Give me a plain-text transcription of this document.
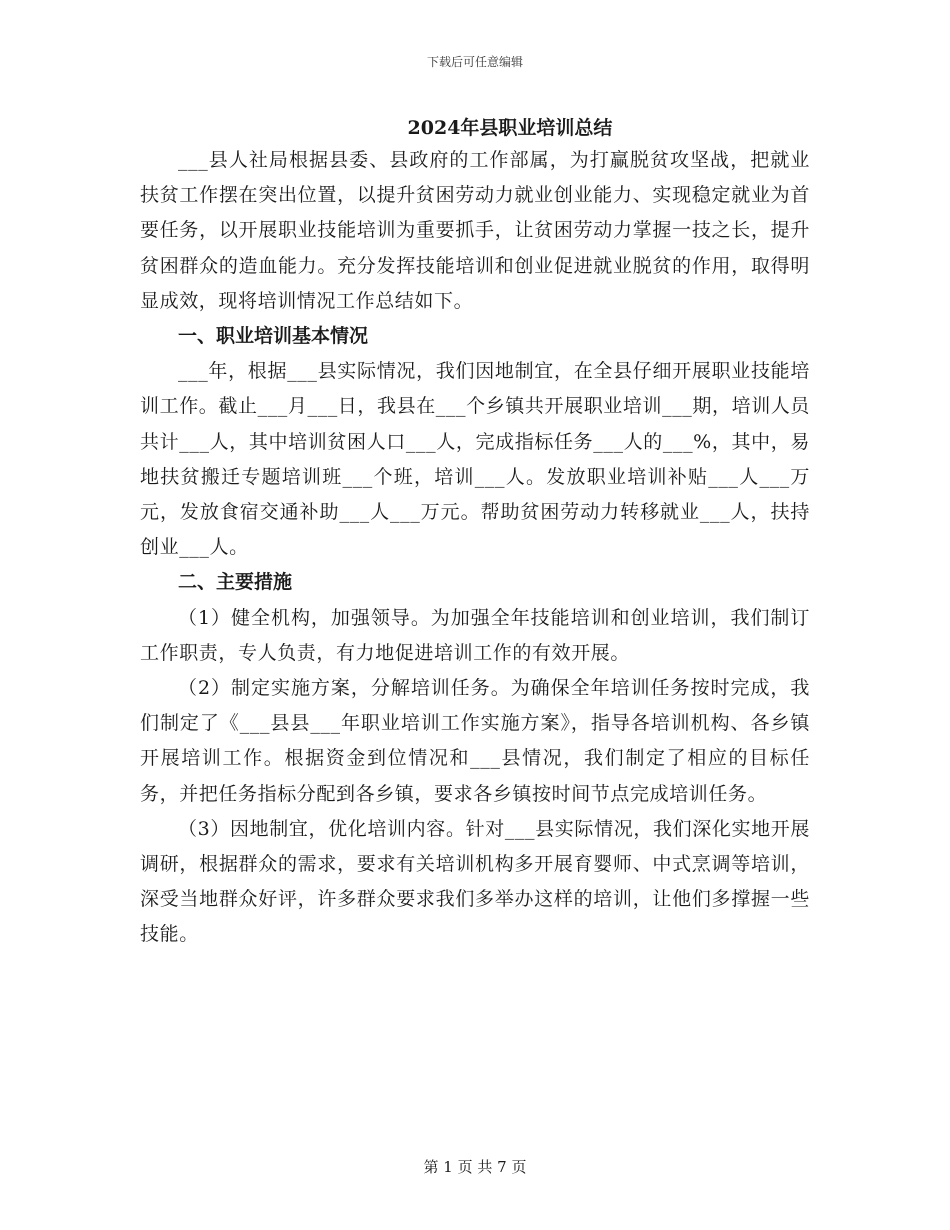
下载后可任意编辑
2024年县职业培训总结

___县人社局根据县委、县政府的工作部属，为打赢脱贫攻坚战，把就业扶贫工作摆在突出位置，以提升贫困劳动力就业创业能力、实现稳定就业为首要任务，以开展职业技能培训为重要抓手，让贫困劳动力掌握一技之长，提升贫困群众的造血能力。充分发挥技能培训和创业促进就业脱贫的作用，取得明显成效，现将培训情况工作总结如下。

一、职业培训基本情况

___年，根据___县实际情况，我们因地制宜，在全县仔细开展职业技能培训工作。截止___月___日，我县在___个乡镇共开展职业培训___期，培训人员共计___人，其中培训贫困人口___人，完成指标任务___人的___%，其中，易地扶贫搬迁专题培训班___个班，培训___人。发放职业培训补贴___人___万元，发放食宿交通补助___人___万元。帮助贫困劳动力转移就业___人，扶持创业___人。

二、主要措施

（1）健全机构，加强领导。为加强全年技能培训和创业培训，我们制订工作职责，专人负责，有力地促进培训工作的有效开展。

（2）制定实施方案，分解培训任务。为确保全年培训任务按时完成，我们制定了《___县县___年职业培训工作实施方案》，指导各培训机构、各乡镇开展培训工作。根据资金到位情况和___县情况，我们制定了相应的目标任务，并把任务指标分配到各乡镇，要求各乡镇按时间节点完成培训任务。

（3）因地制宜，优化培训内容。针对___县实际情况，我们深化实地开展调研，根据群众的需求，要求有关培训机构多开展育婴师、中式烹调等培训，深受当地群众好评，许多群众要求我们多举办这样的培训，让他们多撑握一些技能。

第 1 页 共 7 页
